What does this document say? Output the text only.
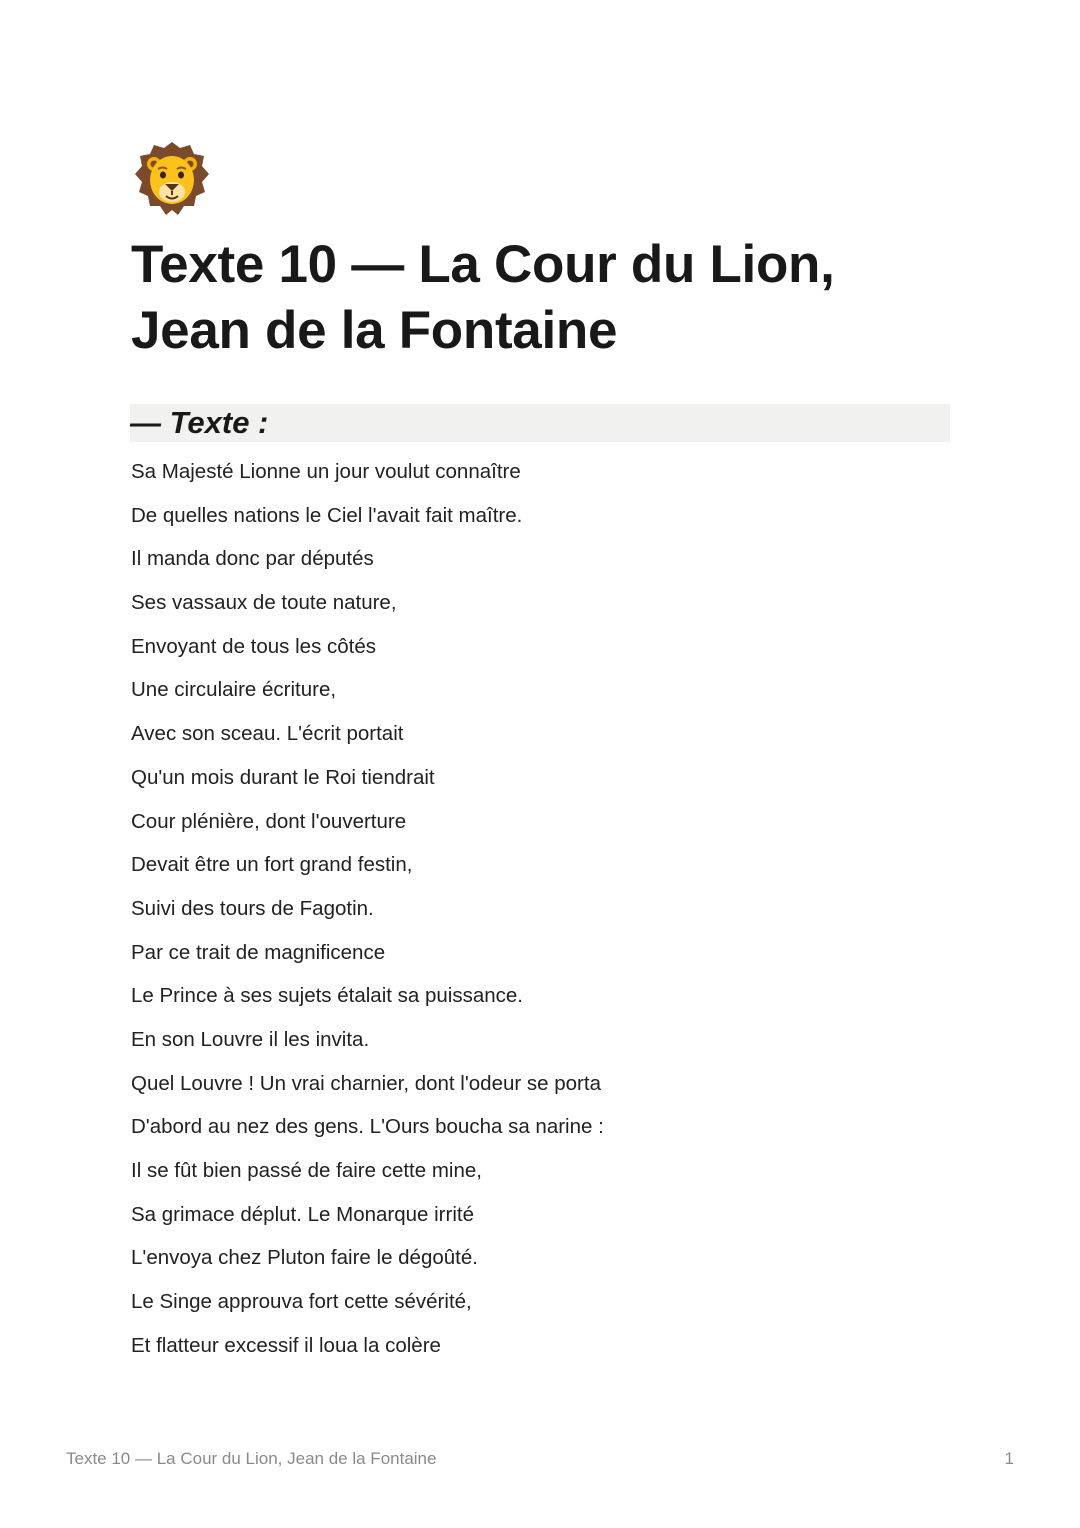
Texte 10 — La Cour du Lion,
Jean de la Fontaine
— Texte :
Sa Majesté Lionne un jour voulut connaître
De quelles nations le Ciel l'avait fait maître.
Il manda donc par députés
Ses vassaux de toute nature,
Envoyant de tous les côtés
Une circulaire écriture,
Avec son sceau. L'écrit portait
Qu'un mois durant le Roi tiendrait
Cour plénière, dont l'ouverture
Devait être un fort grand festin,
Suivi des tours de Fagotin.
Par ce trait de magnificence
Le Prince à ses sujets étalait sa puissance.
En son Louvre il les invita.
Quel Louvre ! Un vrai charnier, dont l'odeur se porta
D'abord au nez des gens. L'Ours boucha sa narine :
Il se fût bien passé de faire cette mine,
Sa grimace déplut. Le Monarque irrité
L'envoya chez Pluton faire le dégoûté.
Le Singe approuva fort cette sévérité,
Et flatteur excessif il loua la colère
Texte 10 — La Cour du Lion, Jean de la Fontaine	1
